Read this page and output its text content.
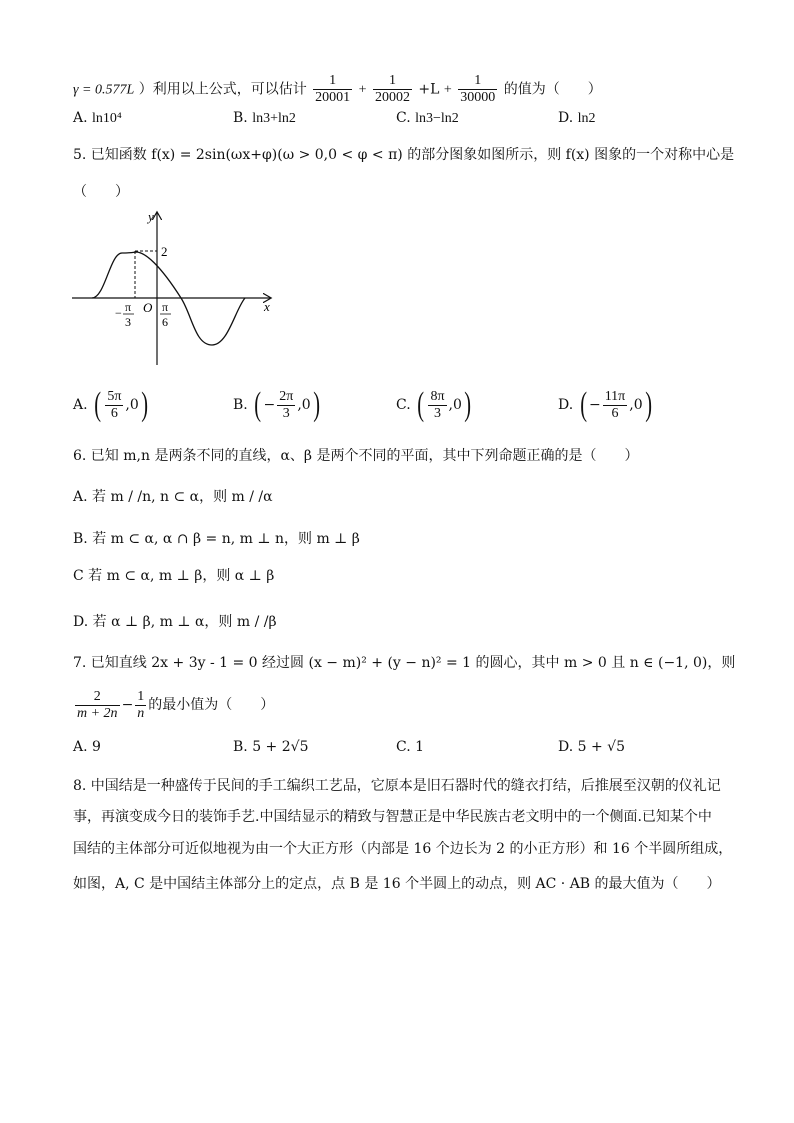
γ = 0.577L ）利用以上公式，可以估计 $\frac{1}{20001} + \frac{1}{20002} +L + \frac{1}{30000}$ 的值为（　　）
A. ln10⁴	B. ln3+ln2	C. ln3−ln2	D. ln2
5. 已知函数 f(x) = 2sin(ωx+φ)(ω > 0,0 < φ < π) 的部分图象如图所示，则 f(x) 图象的一个对称中心是
（　　）
y
x
O
2
− π
3
π
6
A. ( $\frac{5\pi}{6} ,0$)	B. ( − $\frac{2\pi}{3} ,0$)	C. ( $\frac{8\pi}{3} ,0$)	D. ( − $\frac{11\pi}{6} ,0$)
6. 已知 m,n 是两条不同的直线，α、β 是两个不同的平面，其中下列命题正确的是（　　）
A. 若 m / /n, n ⊂ α，则 m / /α
B. 若 m ⊂ α, α ∩ β = n, m ⊥ n，则 m ⊥ β
C 若 m ⊂ α, m ⊥ β，则 α ⊥ β
D. 若 α ⊥ β, m ⊥ α，则 m / /β
7. 已知直线 2x + 3y - 1 = 0 经过圆 (x − m)² + (y − n)² = 1 的圆心，其中 m > 0 且 n ∈ (−1, 0)，则
$\frac{2}{m + 2n} - \frac{1}{n}$ 的最小值为（　　）
A. 9	B. 5 + 2√5	C. 1	D. 5 + √5
8. 中国结是一种盛传于民间的手工编织工艺品，它原本是旧石器时代的缝衣打结，后推展至汉朝的仪礼记
事，再演变成今日的装饰手艺.中国结显示的精致与智慧正是中华民族古老文明中的一个侧面.已知某个中
国结的主体部分可近似地视为由一个大正方形（内部是 16 个边长为 2 的小正方形）和 16 个半圆所组成，
如图，A, C 是中国结主体部分上的定点，点 B 是 16 个半圆上的动点，则 AC · AB 的最大值为（　　）
